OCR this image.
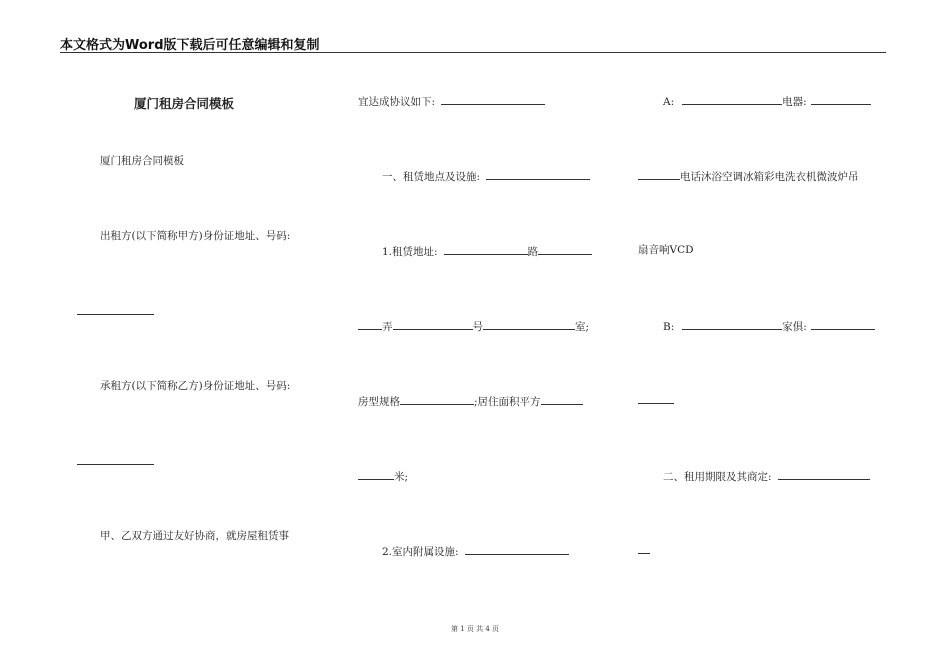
本文格式为Word版下载后可任意编辑和复制
厦门租房合同模板
厦门租房合同模板
出租方(以下简称甲方)身份证地址、号码:
承租方(以下简称乙方)身份证地址、号码:
甲、乙双方通过友好协商，就房屋租赁事
宜达成协议如下:
一、租赁地点及设施:
1.租赁地址:	路
弄	号	室;
房型规格	;居住面积平方
米;
2.室内附属设施:
A:	电器:
电话沐浴空调冰箱彩电洗衣机微波炉吊
扇音响VCD
B:	家俱:
二、租用期限及其商定:
第 1 页 共 4 页
